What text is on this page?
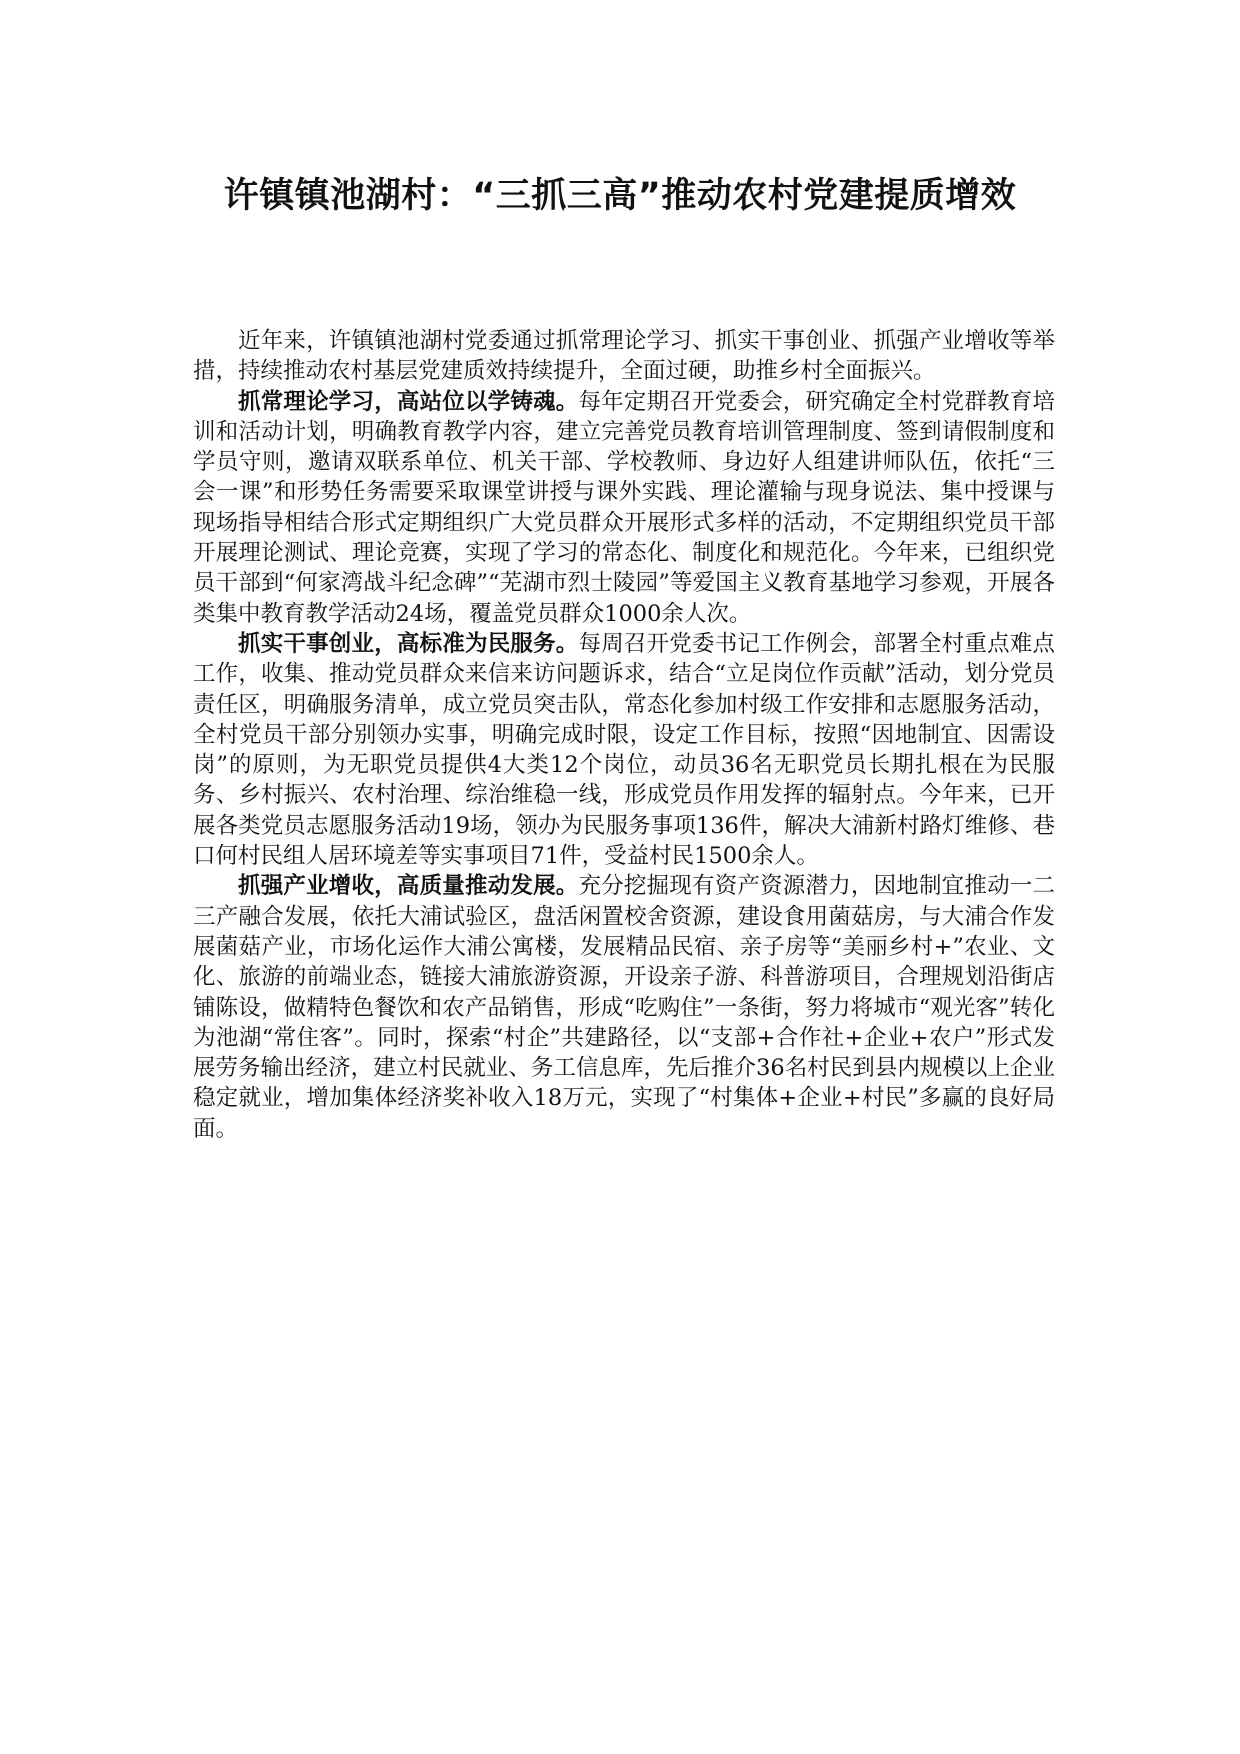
许镇镇池湖村：“三抓三高”推动农村党建提质增效

近年来，许镇镇池湖村党委通过抓常理论学习、抓实干事创业、抓强产业增收等举措，持续推动农村基层党建质效持续提升，全面过硬，助推乡村全面振兴。

抓常理论学习，高站位以学铸魂。每年定期召开党委会，研究确定全村党群教育培训和活动计划，明确教育教学内容，建立完善党员教育培训管理制度、签到请假制度和学员守则，邀请双联系单位、机关干部、学校教师、身边好人组建讲师队伍，依托“三会一课”和形势任务需要采取课堂讲授与课外实践、理论灌输与现身说法、集中授课与现场指导相结合形式定期组织广大党员群众开展形式多样的活动，不定期组织党员干部开展理论测试、理论竞赛，实现了学习的常态化、制度化和规范化。今年来，已组织党员干部到“何家湾战斗纪念碑”“芜湖市烈士陵园”等爱国主义教育基地学习参观，开展各类集中教育教学活动24场，覆盖党员群众1000余人次。

抓实干事创业，高标准为民服务。每周召开党委书记工作例会，部署全村重点难点工作，收集、推动党员群众来信来访问题诉求，结合“立足岗位作贡献”活动，划分党员责任区，明确服务清单，成立党员突击队，常态化参加村级工作安排和志愿服务活动，全村党员干部分别领办实事，明确完成时限，设定工作目标，按照“因地制宜、因需设岗”的原则，为无职党员提供4大类12个岗位，动员36名无职党员长期扎根在为民服务、乡村振兴、农村治理、综治维稳一线，形成党员作用发挥的辐射点。今年来，已开展各类党员志愿服务活动19场，领办为民服务事项136件，解决大浦新村路灯维修、巷口何村民组人居环境差等实事项目71件，受益村民1500余人。

抓强产业增收，高质量推动发展。充分挖掘现有资产资源潜力，因地制宜推动一二三产融合发展，依托大浦试验区，盘活闲置校舍资源，建设食用菌菇房，与大浦合作发展菌菇产业，市场化运作大浦公寓楼，发展精品民宿、亲子房等“美丽乡村+”农业、文化、旅游的前端业态，链接大浦旅游资源，开设亲子游、科普游项目，合理规划沿街店铺陈设，做精特色餐饮和农产品销售，形成“吃购住”一条街，努力将城市“观光客”转化为池湖“常住客”。同时，探索“村企”共建路径，以“支部+合作社+企业+农户”形式发展劳务输出经济，建立村民就业、务工信息库，先后推介36名村民到县内规模以上企业稳定就业，增加集体经济奖补收入18万元，实现了“村集体+企业+村民”多赢的良好局面。
